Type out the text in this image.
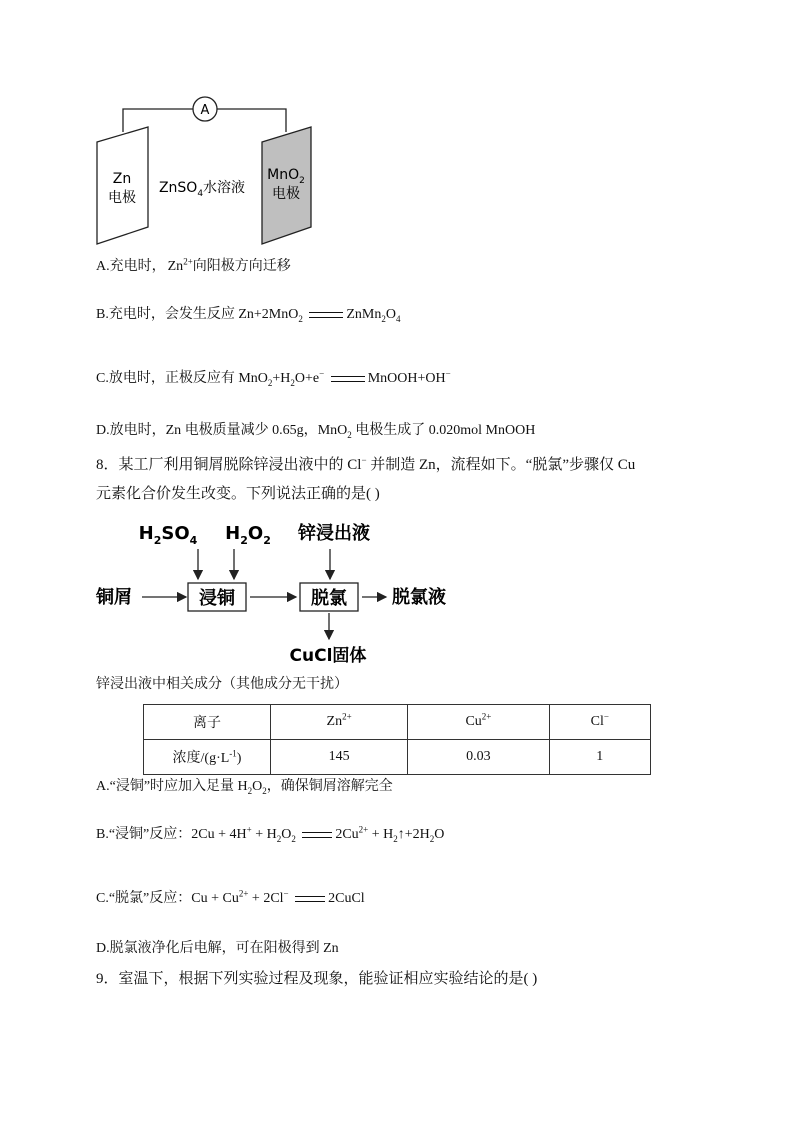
A
Zn
电极
ZnSO$_4$水溶液
MnO$_2$
电极
A.充电时， $Zn^{2+}$向阳极方向迁移
B.充电时，会发生反应 Zn+2MnO$_2$	$ZnMn_2O_4$
C.放电时，正极反应有 $MnO_2+H_2O+e^-$	MnOOH+OH−
D.放电时，Zn 电极质量减少 0.65g，MnO$_2$ 电极生成了 0.020mol MnOOH
8．某工厂利用铜屑脱除锌浸出液中的 Cl− 并制造 Zn，流程如下。“脱氯”步骤仅 Cu
元素化合价发生改变。下列说法正确的是( )
$H_2SO_4$ $H_2O_2$ 锌浸出液
铜屑	浸铜	脱氯	脱氯液
CuCl固体
锌浸出液中相关成分（其他成分无干扰）
离子	$Zn^{2+}$	$Cu^{2+}$	Cl−
浓度$/(g\cdot L^{-1})$	145	0.03	1
A.“浸铜”时应加入足量 $H_2O_2$，确保铜屑溶解完全
B.“浸铜”反应：$2Cu + 4H^+ + H_2O_2$	$2Cu^{2+}$ + $H_2↑+2H_2O$
C.“脱氯”反应：$Cu + Cu^{2+} + 2Cl^-$	2CuCl
D.脱氯液净化后电解，可在阳极得到 Zn
9．室温下，根据下列实验过程及现象，能验证相应实验结论的是( )
